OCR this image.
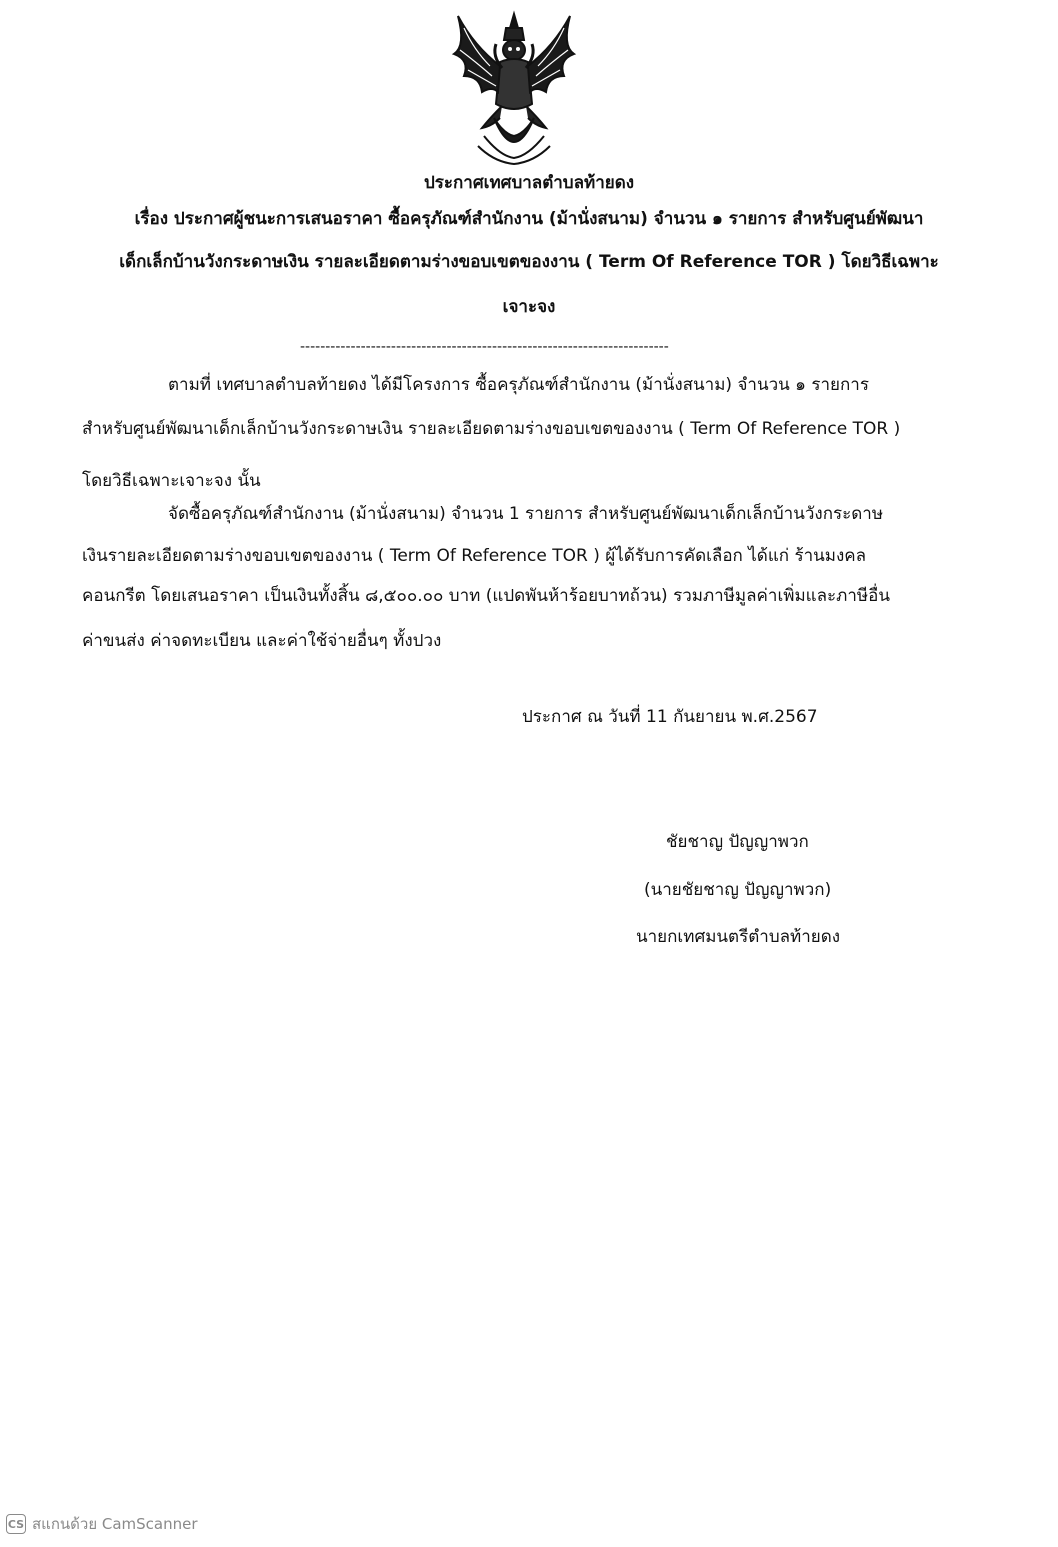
ประกาศเทศบาลตำบลท้ายดง
เรื่อง ประกาศผู้ชนะการเสนอราคา ซื้อครุภัณฑ์สำนักงาน (ม้านั่งสนาม) จำนวน ๑ รายการ สำหรับศูนย์พัฒนา
เด็กเล็กบ้านวังกระดาษเงิน รายละเอียดตามร่างขอบเขตของงาน ( Term Of Reference TOR ) โดยวิธีเฉพาะ
เจาะจง
-------------------------------------------------------------------------
ตามที่ เทศบาลตำบลท้ายดง ได้มีโครงการ ซื้อครุภัณฑ์สำนักงาน (ม้านั่งสนาม) จำนวน ๑ รายการ
สำหรับศูนย์พัฒนาเด็กเล็กบ้านวังกระดาษเงิน รายละเอียดตามร่างขอบเขตของงาน ( Term Of Reference TOR )
โดยวิธีเฉพาะเจาะจง นั้น
จัดซื้อครุภัณฑ์สำนักงาน (ม้านั่งสนาม) จำนวน 1 รายการ สำหรับศูนย์พัฒนาเด็กเล็กบ้านวังกระดาษ
เงินรายละเอียดตามร่างขอบเขตของงาน ( Term Of Reference TOR ) ผู้ได้รับการคัดเลือก ได้แก่ ร้านมงคล
คอนกรีต โดยเสนอราคา เป็นเงินทั้งสิ้น ๘,๕๐๐.๐๐ บาท (แปดพันห้าร้อยบาทถ้วน) รวมภาษีมูลค่าเพิ่มและภาษีอื่น
ค่าขนส่ง ค่าจดทะเบียน และค่าใช้จ่ายอื่นๆ ทั้งปวง
ประกาศ ณ วันที่ 11 กันยายน พ.ศ.2567
ชัยชาญ ปัญญาพวก
(นายชัยชาญ ปัญญาพวก)
นายกเทศมนตรีตำบลท้ายดง
CS สแกนด้วย CamScanner
